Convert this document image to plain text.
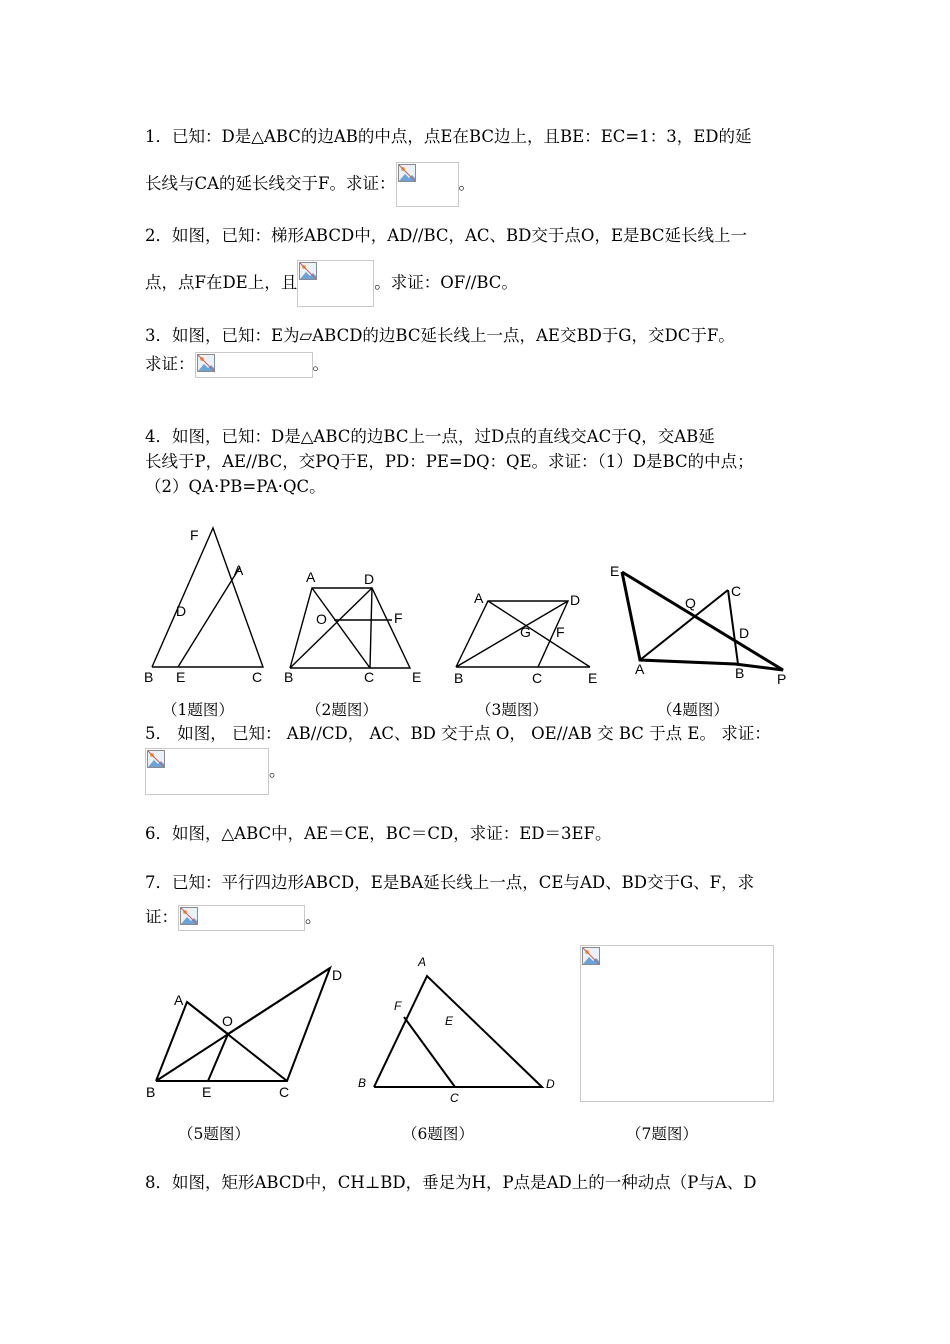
1．已知：D是△ABC的边AB的中点，点E在BC边上，且BE：EC=1：3，ED的延
长线与CA的延长线交于F。求证：	。
2．如图，已知：梯形ABCD中，AD//BC，AC、BD交于点O，E是BC延长线上一
点，点F在DE上，且	。求证：OF//BC。
3．如图，已知：E为▱ABCD的边BC延长线上一点，AE交BD于G，交DC于F。
求证：	。
4．如图，已知：D是△ABC的边BC上一点，过D点的直线交AC于Q，交AB延
长线于P，AE//BC，交PQ于E，PD：PE=DQ：QE。求证：（1）D是BC的中点；
（2）QA·PB=PA·QC。
F
A
D
B E	C
A	D
O	F
B	C	E
A	D
G F
B	C	E
E
C
Q
D
A	B P
（1题图）	（2题图）	（3题图）	（4题图）
5． 如图， 已知： AB//CD， AC、BD 交于点 O， OE//AB 交 BC 于点 E。 求证：
。
6．如图，△ABC中，AE＝CE，BC＝CD，求证：ED＝3EF。
7．已知：平行四边形ABCD，E是BA延长线上一点，CE与AD、BD交于G、F，求
证：	。
A
O
D
B	E	C
A
F
E
B
C
D
（5题图）	（6题图）	（7题图）
8．如图，矩形ABCD中，CH⊥BD，垂足为H，P点是AD上的一种动点（P与A、D
